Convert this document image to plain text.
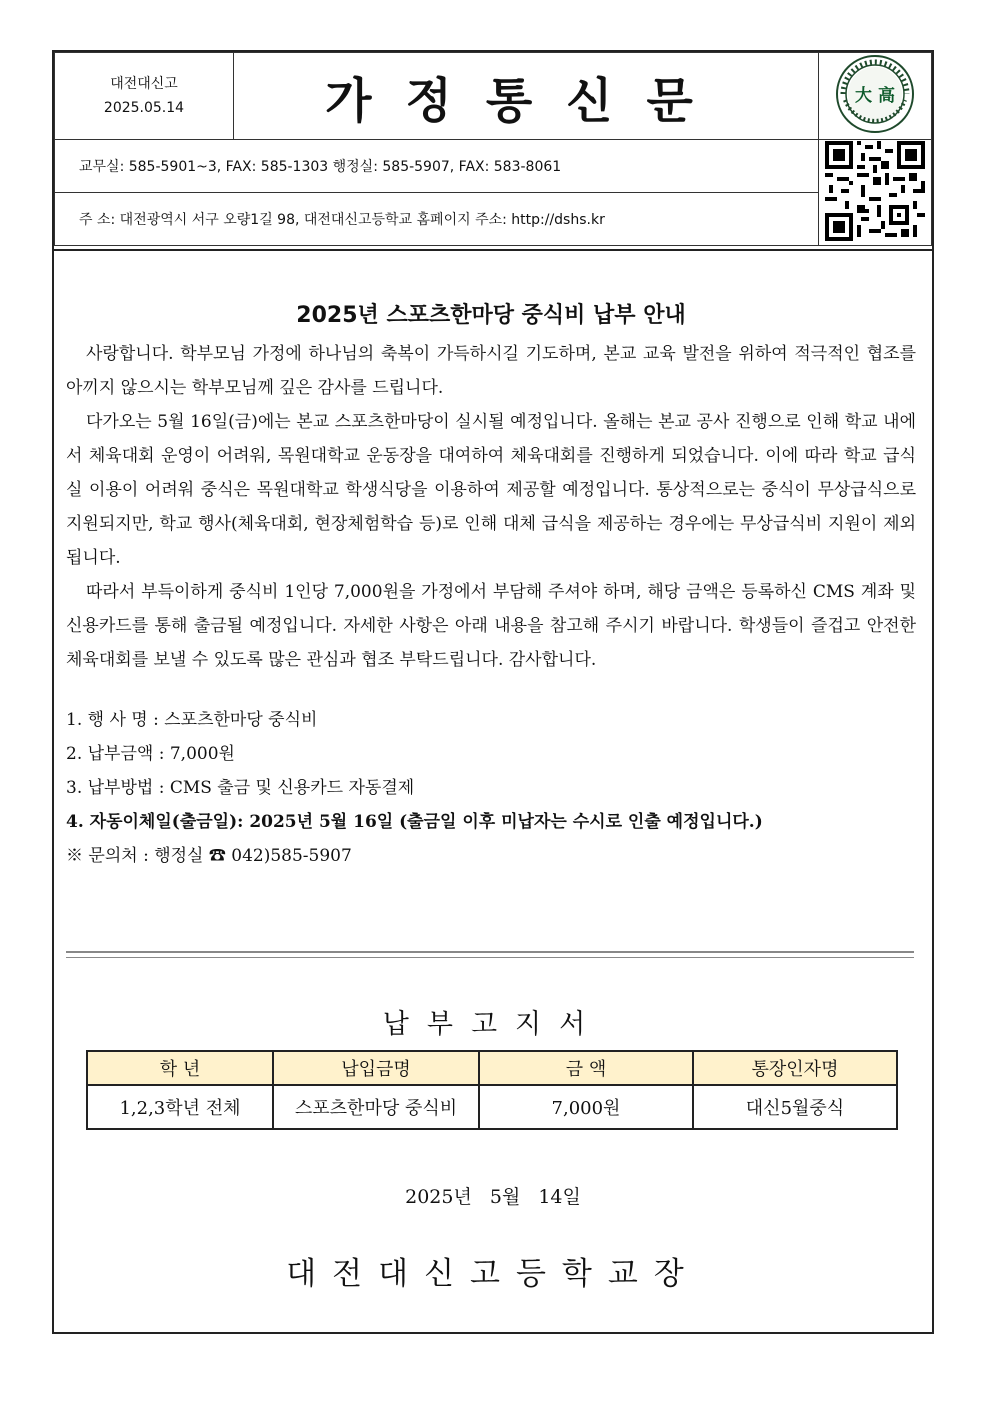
대전대신고
2025.05.14	가정통신문	大 高

교무실: 585-5901~3, FAX: 585-1303 행정실: 585-5907, FAX: 583-8061	
주 소: 대전광역시 서구 오량1길 98, 대전대신고등학교 홈페이지 주소: http://dshs.kr		
2025년 스포츠한마당 중식비 납부 안내

사랑합니다. 학부모님 가정에 하나님의 축복이 가득하시길 기도하며, 본교 교육 발전을 위하여 적극적인 협조를 아끼지 않으시는 학부모님께 깊은 감사를 드립니다.

다가오는 5월 16일(금)에는 본교 스포츠한마당이 실시될 예정입니다. 올해는 본교 공사 진행으로 인해 학교 내에서 체육대회 운영이 어려워, 목원대학교 운동장을 대여하여 체육대회를 진행하게 되었습니다. 이에 따라 학교 급식실 이용이 어려워 중식은 목원대학교 학생식당을 이용하여 제공할 예정입니다. 통상적으로는 중식이 무상급식으로 지원되지만, 학교 행사(체육대회, 현장체험학습 등)로 인해 대체 급식을 제공하는 경우에는 무상급식비 지원이 제외됩니다.

따라서 부득이하게 중식비 1인당 7,000원을 가정에서 부담해 주셔야 하며, 해당 금액은 등록하신 CMS 계좌 및 신용카드를 통해 출금될 예정입니다. 자세한 사항은 아래 내용을 참고해 주시기 바랍니다. 학생들이 즐겁고 안전한 체육대회를 보낼 수 있도록 많은 관심과 협조 부탁드립니다. 감사합니다.

1. 행 사 명 : 스포츠한마당 중식비
2. 납부금액 : 7,000원
3. 납부방법 : CMS 출금 및 신용카드 자동결제
4. 자동이체일(출금일): 2025년 5월 16일 (출금일 이후 미납자는 수시로 인출 예정입니다.)
※ 문의처 : 행정실 ☎ 042)585-5907
납부고지서
학 년	납입금명	금 액	통장인자명
1,2,3학년 전체	스포츠한마당 중식비	7,000원	대신5월중식
2025년 5월 14일
대전대신고등학교장
